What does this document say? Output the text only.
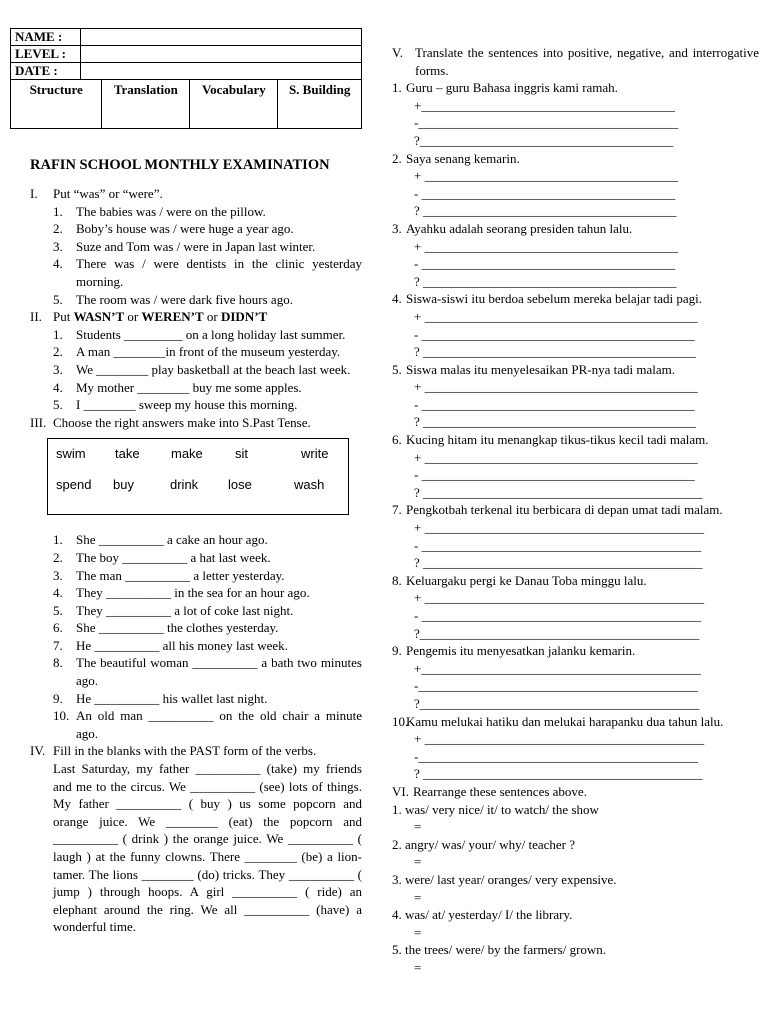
NAME :				
LEVEL :				
DATE :				
Structure		Translation	Vocabulary	S. Building
RAFIN SCHOOL MONTHLY EXAMINATION
I.	Put “was” or “were”.
1.	The babies was / were on the pillow.
2.	Boby’s house was / were huge a year ago.
3.	Suze and Tom was / were in Japan last winter.
4.	There was / were dentists in the clinic yesterday morning.
5.	The room was / were dark five hours ago.
II. Put WASN’T or WEREN’T or DIDN’T
1.	Students _________ on a long holiday last summer.
2.	A man ________in front of the museum yesterday.
3.	We ________ play basketball at the beach last week.
4.	My mother ________ buy me some apples.
5.	I ________ sweep my house this morning.
III. Choose the right answers make into S.Past Tense.
swim take make sit	write
spend buy	drink lose	wash
1.	She __________ a cake an hour ago.
2.	The boy __________ a hat last week.
3.	The man __________ a letter yesterday.
4.	They __________ in the sea for an hour ago.
5.	They __________ a lot of coke last night.
6.	She __________ the clothes yesterday.
7.	He __________ all his money last week.
8.	The beautiful woman __________ a bath two minutes ago.
9.	He __________ his wallet last night.
10. An old man __________ on the old chair a minute ago.
IV. Fill in the blanks with the PAST form of the verbs.
Last Saturday, my father __________ (take) my friends and me to the circus. We __________ (see) lots of things. My father __________ ( buy ) us some popcorn and orange juice. We ________ (eat) the popcorn and __________ ( drink ) the orange juice. We __________ ( laugh ) at the funny clowns. There ________ (be) a lion-tamer. The lions ________ (do) tricks. They __________ ( jump ) through hoops. A girl __________ ( ride) an elephant around the ring. We all __________ (have) a wonderful time.
V. Translate the sentences into positive, negative, and interrogative forms.
1. Guru – guru Bahasa inggris kami ramah.
+_______________________________________
-________________________________________
?_______________________________________
2. Saya senang kemarin.
+ _______________________________________
- _______________________________________
? _______________________________________
3. Ayahku adalah seorang presiden tahun lalu.
+ _______________________________________
- _______________________________________
? _______________________________________
4. Siswa-siswi itu berdoa sebelum mereka belajar tadi pagi.
+ __________________________________________
- __________________________________________
? __________________________________________
5. Siswa malas itu menyelesaikan PR-nya tadi malam.
+ __________________________________________
- __________________________________________
? __________________________________________
6. Kucing hitam itu menangkap tikus-tikus kecil tadi malam.
+ __________________________________________
- __________________________________________
? ___________________________________________
7. Pengkotbah terkenal itu berbicara di depan umat tadi malam.
+ ___________________________________________
- ___________________________________________
? ___________________________________________
8. Keluargaku pergi ke Danau Toba minggu lalu.
+ ___________________________________________
- ___________________________________________
?___________________________________________
9. Pengemis itu menyesatkan jalanku kemarin.
+___________________________________________
-___________________________________________
?___________________________________________
10.
Kamu melukai hatiku dan melukai harapanku dua tahun lalu.
+ ___________________________________________
-___________________________________________
? ___________________________________________
VI. Rearrange these sentences above.
1. was/ very nice/ it/ to watch/ the show
=
2. angry/ was/ your/ why/ teacher ?
=
3. were/ last year/ oranges/ very expensive.
=
4. was/ at/ yesterday/ I/ the library.
=
5. the trees/ were/ by the farmers/ grown.
=
